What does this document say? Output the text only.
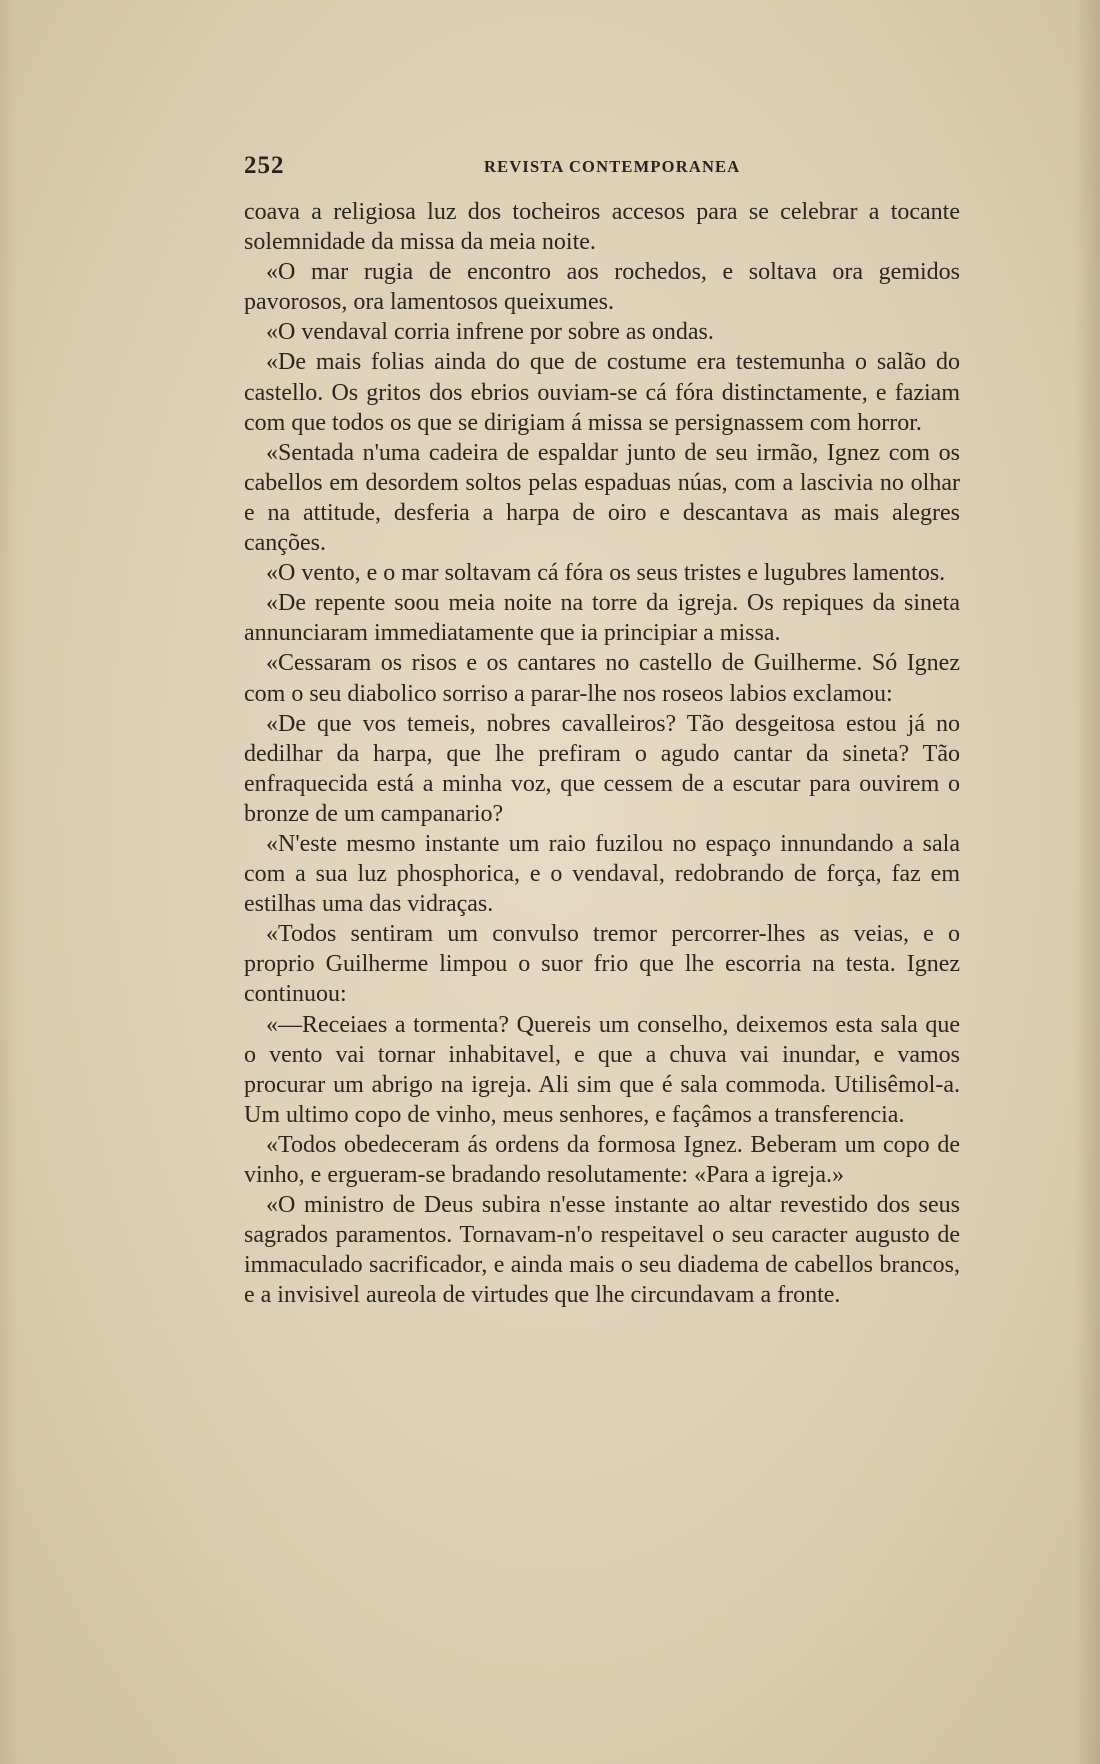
252	REVISTA CONTEMPORANEA

coava a religiosa luz dos tocheiros accesos para se celebrar a tocante solemnidade da missa da meia noite.

«O mar rugia de encontro aos rochedos, e soltava ora gemidos pavorosos, ora lamentosos queixumes.

«O vendaval corria infrene por sobre as ondas.

«De mais folias ainda do que de costume era testemunha o salão do castello. Os gritos dos ebrios ouviam-se cá fóra distinctamente, e faziam com que todos os que se dirigiam á missa se persignassem com horror.

«Sentada n'uma cadeira de espaldar junto de seu irmão, Ignez com os cabellos em desordem soltos pelas espaduas núas, com a lascivia no olhar e na attitude, desferia a harpa de oiro e descantava as mais alegres canções.

«O vento, e o mar soltavam cá fóra os seus tristes e lugubres lamentos.

«De repente soou meia noite na torre da igreja. Os repiques da sineta annunciaram immediatamente que ia principiar a missa.

«Cessaram os risos e os cantares no castello de Guilherme. Só Ignez com o seu diabolico sorriso a parar-lhe nos roseos labios exclamou:

«De que vos temeis, nobres cavalleiros? Tão desgeitosa estou já no dedilhar da harpa, que lhe prefiram o agudo cantar da sineta? Tão enfraquecida está a minha voz, que cessem de a escutar para ouvirem o bronze de um campanario?

«N'este mesmo instante um raio fuzilou no espaço innundando a sala com a sua luz phosphorica, e o vendaval, redobrando de força, faz em estilhas uma das vidraças.

«Todos sentiram um convulso tremor percorrer-lhes as veias, e o proprio Guilherme limpou o suor frio que lhe escorria na testa. Ignez continuou:

«—Receiaes a tormenta? Quereis um conselho, deixemos esta sala que o vento vai tornar inhabitavel, e que a chuva vai inundar, e vamos procurar um abrigo na igreja. Ali sim que é sala commoda. Utilisêmol-a. Um ultimo copo de vinho, meus senhores, e façâmos a transferencia.

«Todos obedeceram ás ordens da formosa Ignez. Beberam um copo de vinho, e ergueram-se bradando resolutamente: «Para a igreja.»

«O ministro de Deus subira n'esse instante ao altar revestido dos seus sagrados paramentos. Tornavam-n'o respeitavel o seu caracter augusto de immaculado sacrificador, e ainda mais o seu diadema de cabellos brancos, e a invisivel aureola de virtudes que lhe circundavam a fronte.
